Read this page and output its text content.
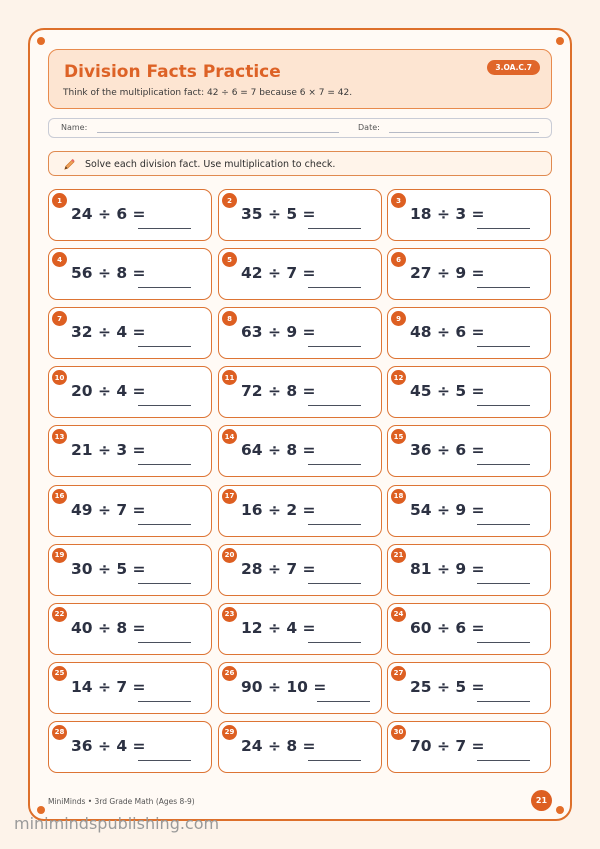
Division Facts Practice
Think of the multiplication fact: 42 ÷ 6 = 7 because 6 × 7 = 42.
3.OA.C.7
Name:	Date:
Solve each division fact. Use multiplication to check.
1
24 ÷ 6 =
2
35 ÷ 5 =
3
18 ÷ 3 =
4
56 ÷ 8 =
5
42 ÷ 7 =
6
27 ÷ 9 =
7
32 ÷ 4 =
8
63 ÷ 9 =
9
48 ÷ 6 =
10
20 ÷ 4 =
11
72 ÷ 8 =
12
45 ÷ 5 =
13
21 ÷ 3 =
14
64 ÷ 8 =
15
36 ÷ 6 =
16
49 ÷ 7 =
17
16 ÷ 2 =
18
54 ÷ 9 =
19
30 ÷ 5 =
20
28 ÷ 7 =
21
81 ÷ 9 =
22
40 ÷ 8 =
23
12 ÷ 4 =
24
60 ÷ 6 =
25
14 ÷ 7 =
26
90 ÷ 10 =
27
25 ÷ 5 =
28
36 ÷ 4 =
29
24 ÷ 8 =
30
70 ÷ 7 =
MiniMinds • 3rd Grade Math (Ages 8-9)	21
minimindspublishing.com
